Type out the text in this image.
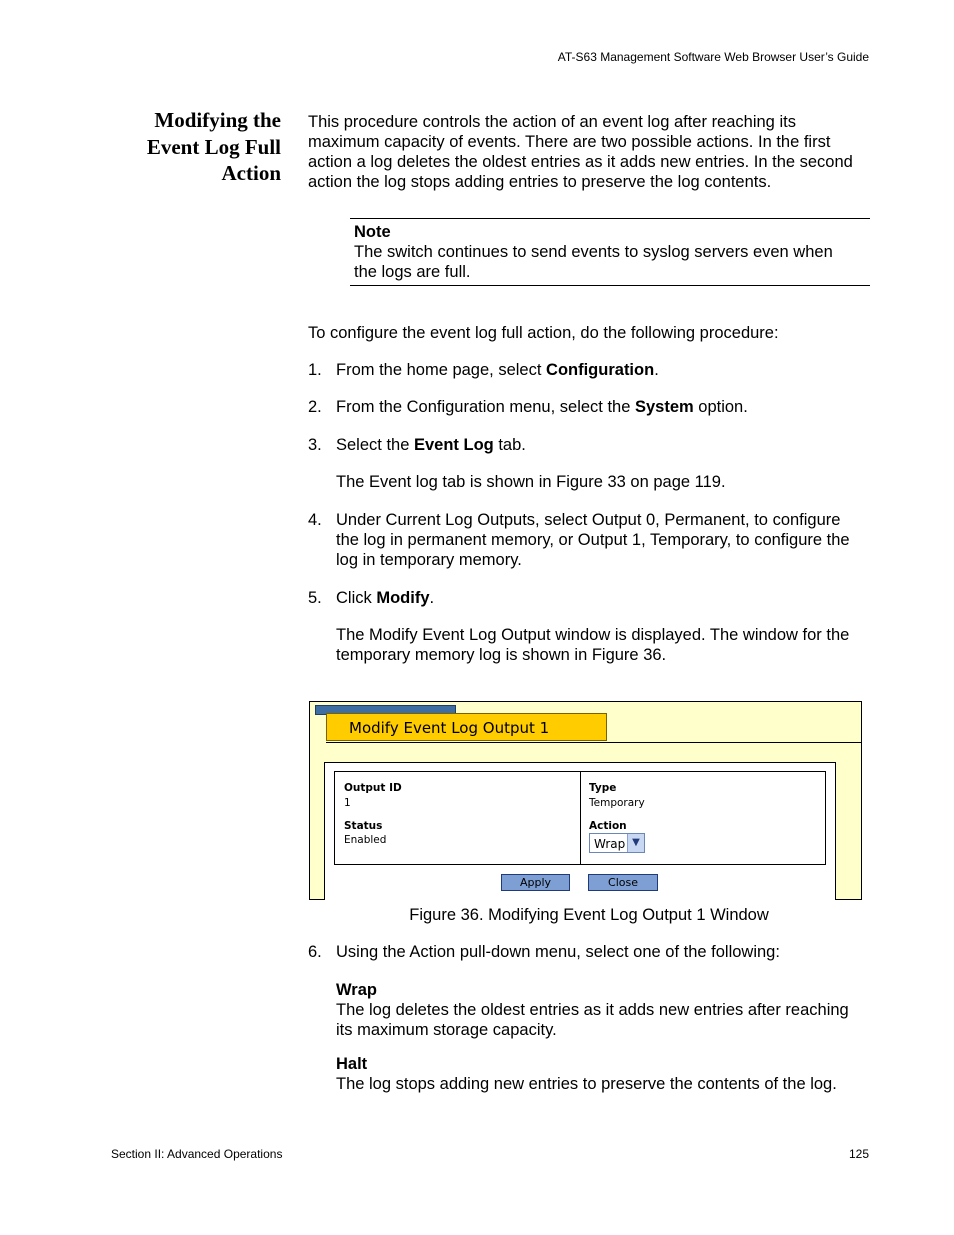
AT-S63 Management Software Web Browser User’s Guide
Modifying the
Event Log Full
Action
This procedure controls the action of an event log after reaching its
maximum capacity of events. There are two possible actions. In the first
action a log deletes the oldest entries as it adds new entries. In the second
action the log stops adding entries to preserve the log contents.
Note
The switch continues to send events to syslog servers even when
the logs are full.
To configure the event log full action, do the following procedure:
1. From the home page, select Configuration.
2. From the Configuration menu, select the System option.
3. Select the Event Log tab.
The Event log tab is shown in Figure 33 on page 119.
4. Under Current Log Outputs, select Output 0, Permanent, to configure
the log in permanent memory, or Output 1, Temporary, to configure the
log in temporary memory.
5. Click Modify.
The Modify Event Log Output window is displayed. The window for the
temporary memory log is shown in Figure 36.
Modify Event Log Output 1
Output ID
1
Status
Enabled
Type
Temporary
Action
Wrap ▼
Apply	Close
Figure 36. Modifying Event Log Output 1 Window
6. Using the Action pull-down menu, select one of the following:
Wrap
The log deletes the oldest entries as it adds new entries after reaching
its maximum storage capacity.
Halt
The log stops adding new entries to preserve the contents of the log.
Section II: Advanced Operations	125
